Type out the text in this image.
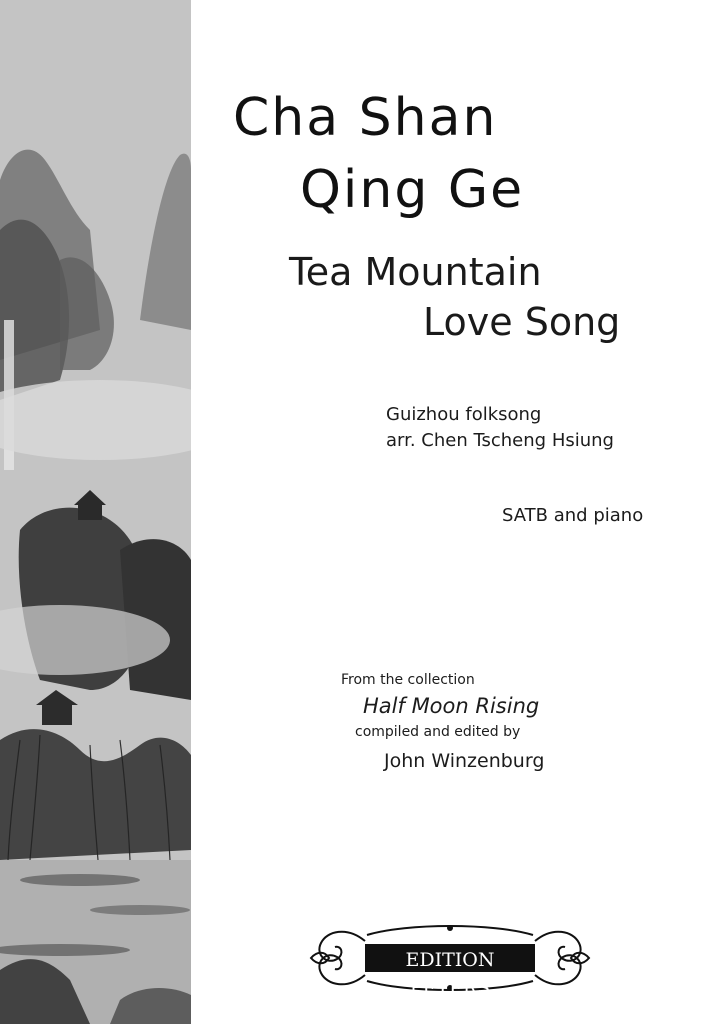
Cha Shan
Qing Ge
Tea Mountain
Love Song
Guizhou folksong
arr. Chen Tscheng Hsiung
SATB and piano
From the collection
Half Moon Rising
compiled and edited by
John Winzenburg
EDITION PETERS
